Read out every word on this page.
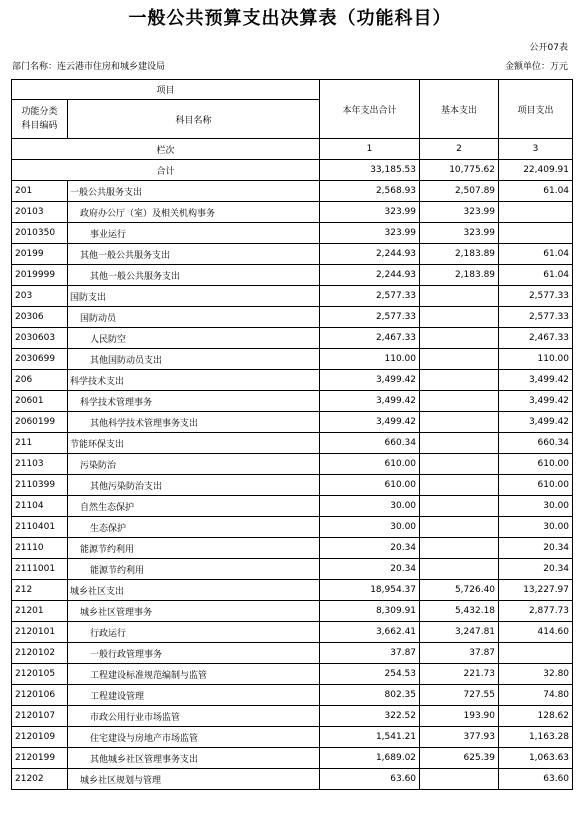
一般公共预算支出决算表（功能科目）
公开07表
部门名称：连云港市住房和城乡建设局	金额单位：万元
项目		本年支出合计	基本支出	项目支出
功能分类
科目编码	科目名称			
栏次		1	2	3
合计		33,185.53	10,775.62	22,409.91
201	一般公共服务支出	2,568.93	2,507.89	61.04
20103	政府办公厅（室）及相关机构事务	323.99	323.99	
2010350	事业运行	323.99	323.99	
20199	其他一般公共服务支出	2,244.93	2,183.89	61.04
2019999	其他一般公共服务支出	2,244.93	2,183.89	61.04
203	国防支出	2,577.33		2,577.33
20306	国防动员	2,577.33		2,577.33
2030603	人民防空	2,467.33		2,467.33
2030699	其他国防动员支出	110.00		110.00
206	科学技术支出	3,499.42		3,499.42
20601	科学技术管理事务	3,499.42		3,499.42
2060199	其他科学技术管理事务支出	3,499.42		3,499.42
211	节能环保支出	660.34		660.34
21103	污染防治	610.00		610.00
2110399	其他污染防治支出	610.00		610.00
21104	自然生态保护	30.00		30.00
2110401	生态保护	30.00		30.00
21110	能源节约利用	20.34		20.34
2111001	能源节约利用	20.34		20.34
212	城乡社区支出	18,954.37	5,726.40	13,227.97
21201	城乡社区管理事务	8,309.91	5,432.18	2,877.73
2120101	行政运行	3,662.41	3,247.81	414.60
2120102	一般行政管理事务	37.87	37.87	
2120105	工程建设标准规范编制与监管	254.53	221.73	32.80
2120106	工程建设管理	802.35	727.55	74.80
2120107	市政公用行业市场监管	322.52	193.90	128.62
2120109	住宅建设与房地产市场监管	1,541.21	377.93	1,163.28
2120199	其他城乡社区管理事务支出	1,689.02	625.39	1,063.63
21202	城乡社区规划与管理	63.60		63.60
